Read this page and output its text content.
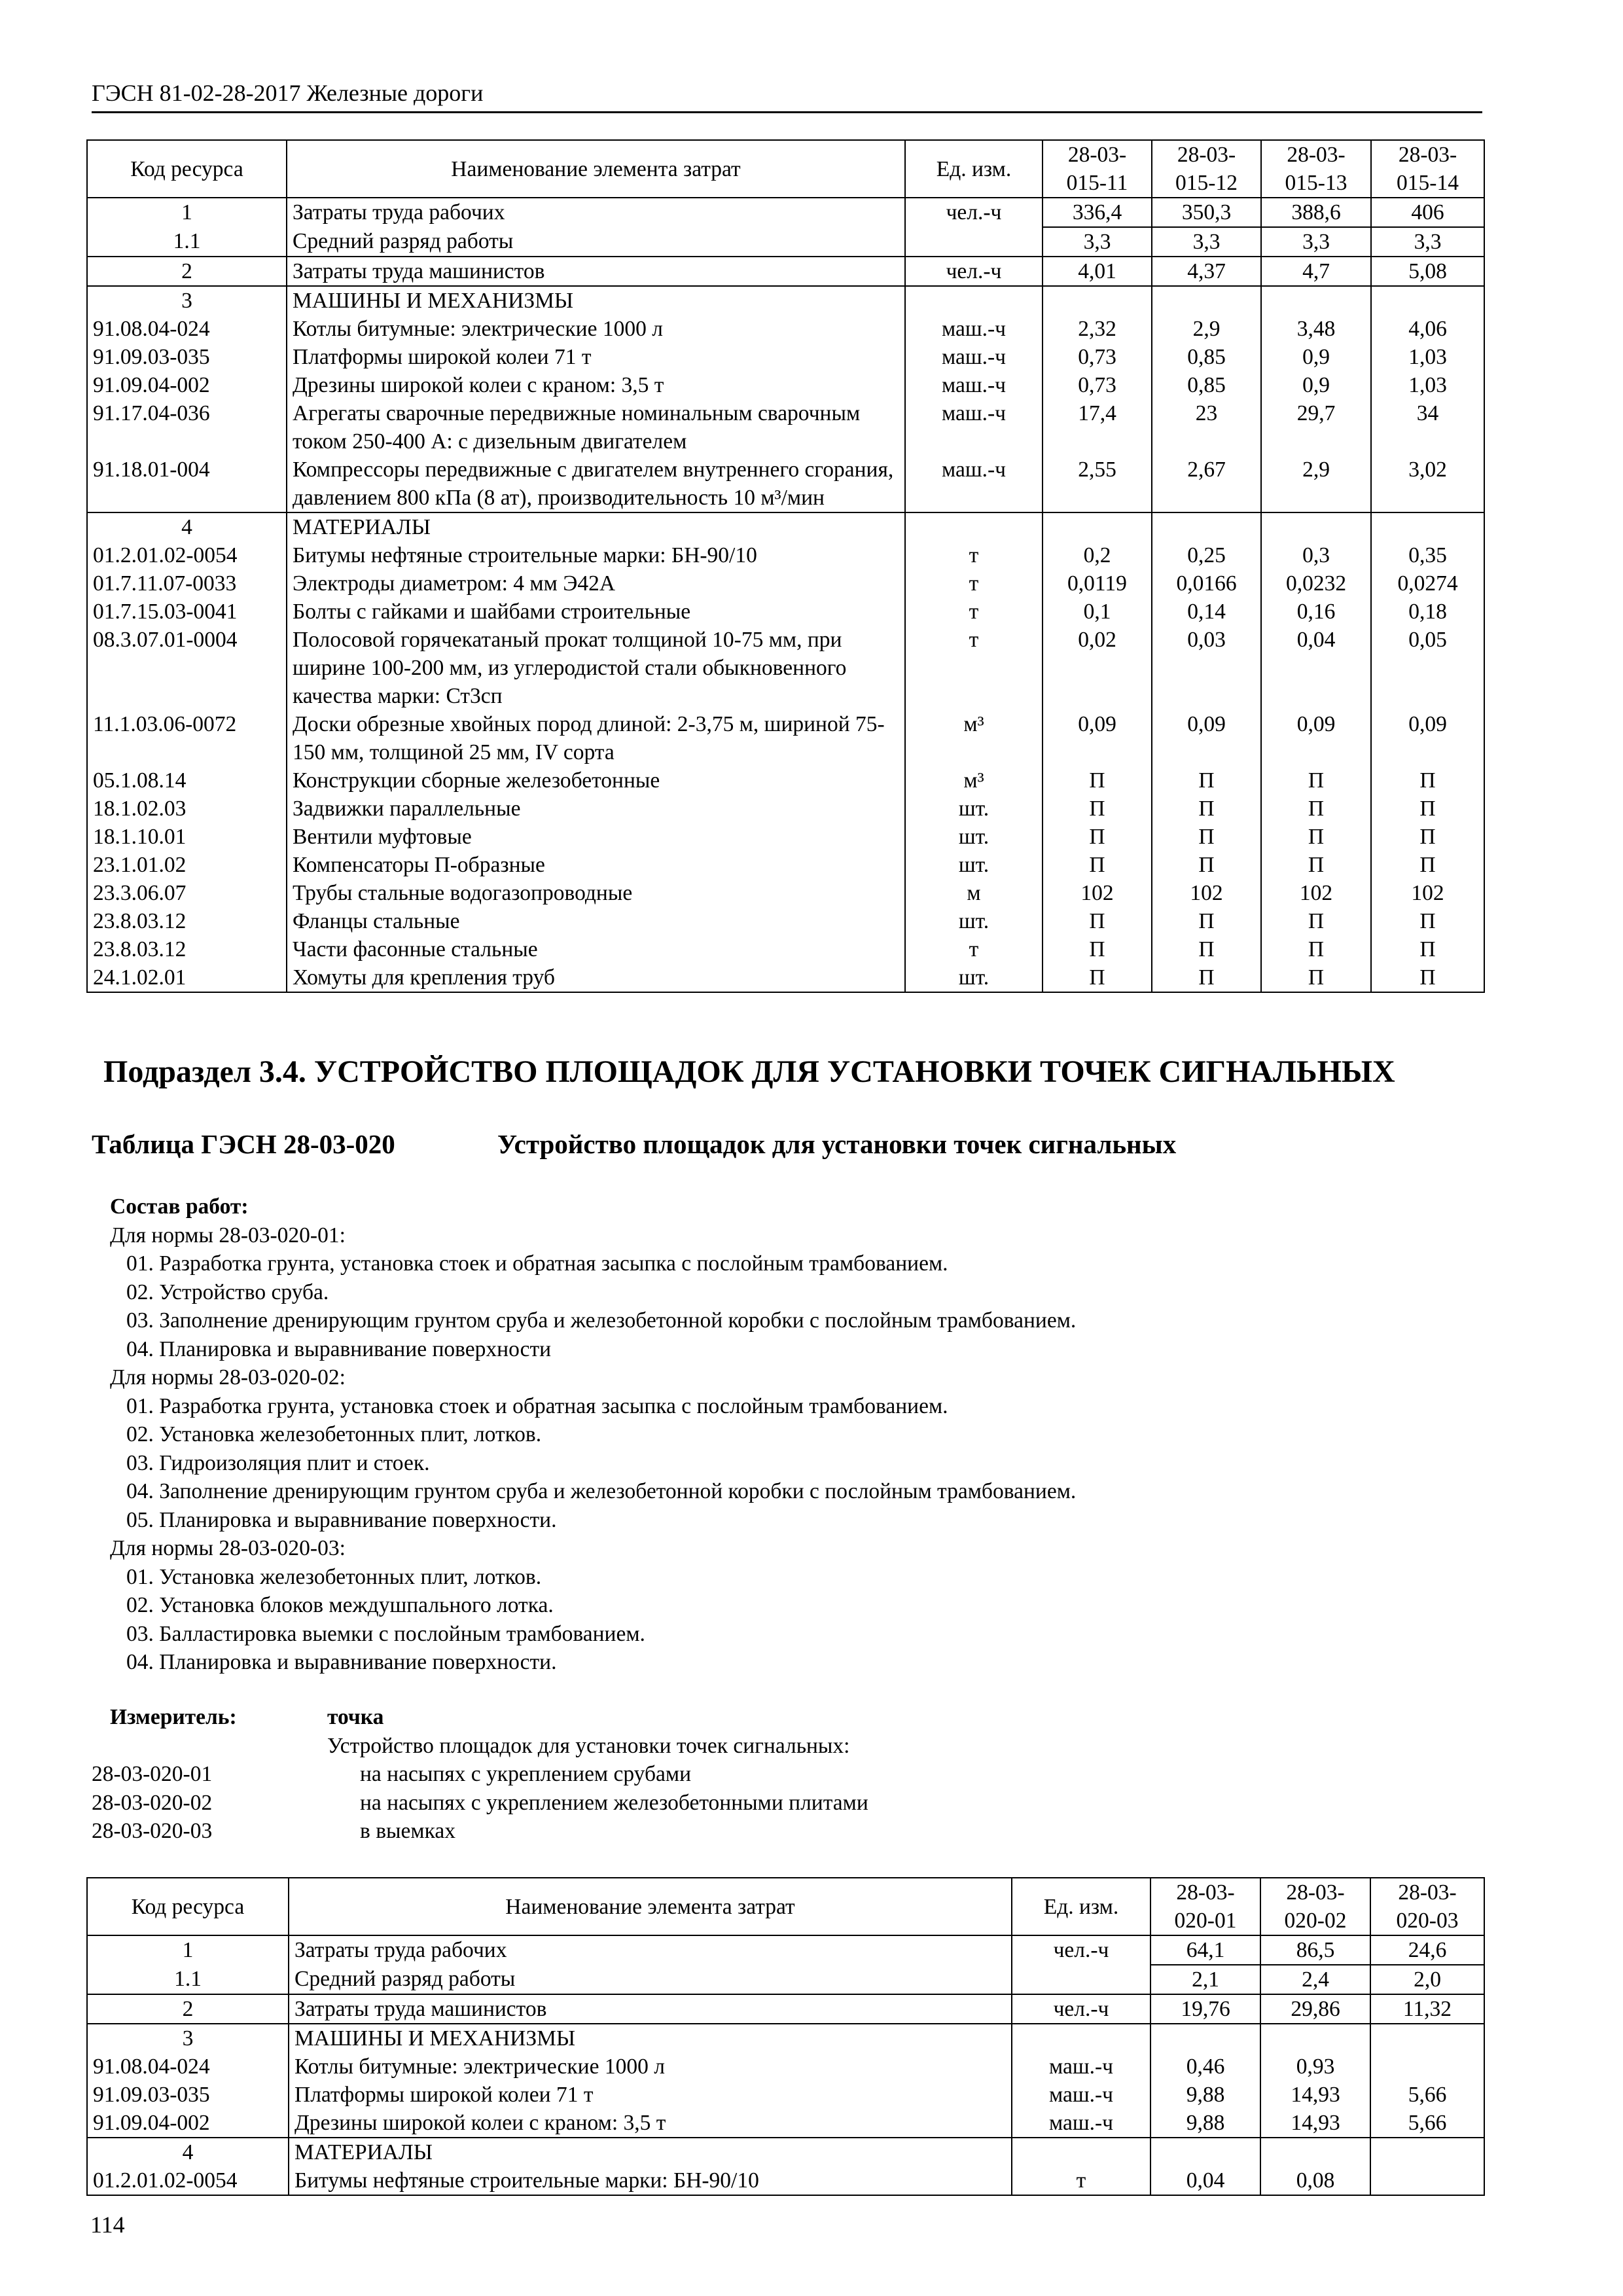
ГЭСН 81-02-28-2017 Железные дороги
Код ресурса	Наименование элемента затрат	Ед. изм.	28-03-
015-11	28-03-
015-12	28-03-
015-13	28-03-
015-14
1	Затраты труда рабочих	чел.-ч	336,4	350,3	388,6	406
1.1	Средний разряд работы		3,3	3,3	3,3	3,3
2	Затраты труда машинистов	чел.-ч	4,01	4,37	4,7	5,08
3	МАШИНЫ И МЕХАНИЗМЫ					
91.08.04-024	Котлы битумные: электрические 1000 л	маш.-ч	2,32	2,9	3,48	4,06
91.09.03-035	Платформы широкой колеи 71 т	маш.-ч	0,73	0,85	0,9	1,03
91.09.04-002	Дрезины широкой колеи с краном: 3,5 т	маш.-ч	0,73	0,85	0,9	1,03
91.17.04-036	Агрегаты сварочные передвижные номинальным сварочным током 250-400 А: с дизельным двигателем	маш.-ч	17,4	23	29,7	34
91.18.01-004	Компрессоры передвижные с двигателем внутреннего сгорания, давлением 800 кПа (8 ат), производительность 10 м³/мин	маш.-ч	2,55	2,67	2,9	3,02
4	МАТЕРИАЛЫ					
01.2.01.02-0054	Битумы нефтяные строительные марки: БН-90/10	т	0,2	0,25	0,3	0,35
01.7.11.07-0033	Электроды диаметром: 4 мм Э42А	т	0,0119	0,0166	0,0232	0,0274
01.7.15.03-0041	Болты с гайками и шайбами строительные	т	0,1	0,14	0,16	0,18
08.3.07.01-0004	Полосовой горячекатаный прокат толщиной 10-75 мм, при ширине 100-200 мм, из углеродистой стали обыкновенного качества марки: Ст3сп	т	0,02	0,03	0,04	0,05
11.1.03.06-0072	Доски обрезные хвойных пород длиной: 2-3,75 м, шириной 75-150 мм, толщиной 25 мм, IV сорта	м³	0,09	0,09	0,09	0,09
05.1.08.14	Конструкции сборные железобетонные	м³	П	П	П	П
18.1.02.03	Задвижки параллельные	шт.	П	П	П	П
18.1.10.01	Вентили муфтовые	шт.	П	П	П	П
23.1.01.02	Компенсаторы П-образные	шт.	П	П	П	П
23.3.06.07	Трубы стальные водогазопроводные	м	102	102	102	102
23.8.03.12	Фланцы стальные	шт.	П	П	П	П
23.8.03.12	Части фасонные стальные	т	П	П	П	П
24.1.02.01	Хомуты для крепления труб	шт.	П	П	П	П
Подраздел 3.4. УСТРОЙСТВО ПЛОЩАДОК ДЛЯ УСТАНОВКИ ТОЧЕК СИГНАЛЬНЫХ
Таблица ГЭСН 28-03-020	Устройство площадок для установки точек сигнальных
Состав работ:
Для нормы 28-03-020-01:
01. Разработка грунта, установка стоек и обратная засыпка с послойным трамбованием.
02. Устройство сруба.
03. Заполнение дренирующим грунтом сруба и железобетонной коробки с послойным трамбованием.
04. Планировка и выравнивание поверхности
Для нормы 28-03-020-02:
01. Разработка грунта, установка стоек и обратная засыпка с послойным трамбованием.
02. Установка железобетонных плит, лотков.
03. Гидроизоляция плит и стоек.
04. Заполнение дренирующим грунтом сруба и железобетонной коробки с послойным трамбованием.
05. Планировка и выравнивание поверхности.
Для нормы 28-03-020-03:
01. Установка железобетонных плит, лотков.
02. Установка блоков междушпального лотка.
03. Балластировка выемки с послойным трамбованием.
04. Планировка и выравнивание поверхности.
Измеритель:	точка
Устройство площадок для установки точек сигнальных:
28-03-020-01	на насыпях с укреплением срубами
28-03-020-02	на насыпях с укреплением железобетонными плитами
28-03-020-03	в выемках
Код ресурса	Наименование элемента затрат	Ед. изм.	28-03-
020-01	28-03-
020-02	28-03-
020-03
1	Затраты труда рабочих	чел.-ч	64,1	86,5	24,6
1.1	Средний разряд работы		2,1	2,4	2,0
2	Затраты труда машинистов	чел.-ч	19,76	29,86	11,32
3	МАШИНЫ И МЕХАНИЗМЫ				
91.08.04-024	Котлы битумные: электрические 1000 л	маш.-ч	0,46	0,93	
91.09.03-035	Платформы широкой колеи 71 т	маш.-ч	9,88	14,93	5,66
91.09.04-002	Дрезины широкой колеи с краном: 3,5 т	маш.-ч	9,88	14,93	5,66
4	МАТЕРИАЛЫ				
01.2.01.02-0054	Битумы нефтяные строительные марки: БН-90/10	т	0,04	0,08	
114
